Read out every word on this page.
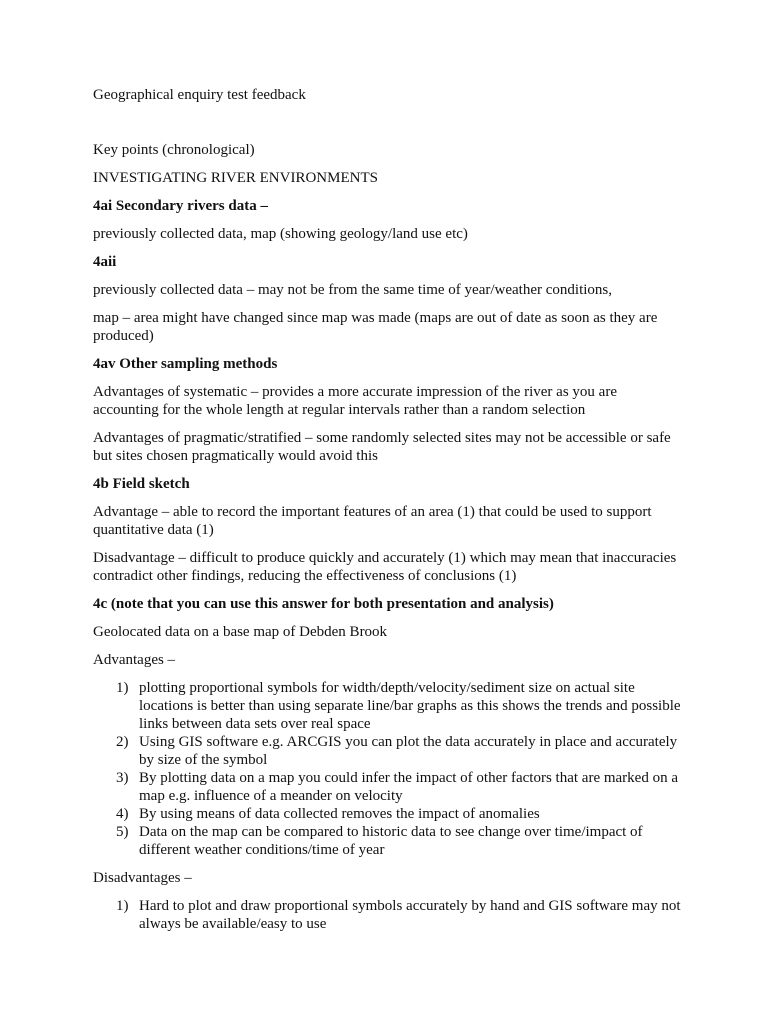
Geographical enquiry test feedback

Key points (chronological)

INVESTIGATING RIVER ENVIRONMENTS

4ai Secondary rivers data –

previously collected data, map (showing geology/land use etc)

4aii

previously collected data – may not be from the same time of year/weather conditions,

map – area might have changed since map was made (maps are out of date as soon as they are produced)

4av Other sampling methods

Advantages of systematic – provides a more accurate impression of the river as you are accounting for the whole length at regular intervals rather than a random selection

Advantages of pragmatic/stratified – some randomly selected sites may not be accessible or safe but sites chosen pragmatically would avoid this

4b Field sketch

Advantage – able to record the important features of an area (1) that could be used to support quantitative data (1)

Disadvantage – difficult to produce quickly and accurately (1) which may mean that inaccuracies contradict other findings, reducing the effectiveness of conclusions (1)

4c (note that you can use this answer for both presentation and analysis)

Geolocated data on a base map of Debden Brook

Advantages –

1) plotting proportional symbols for width/depth/velocity/sediment size on actual site locations is better than using separate line/bar graphs as this shows the trends and possible links between data sets over real space
2) Using GIS software e.g. ARCGIS you can plot the data accurately in place and accurately by size of the symbol
3) By plotting data on a map you could infer the impact of other factors that are marked on a map e.g. influence of a meander on velocity
4) By using means of data collected removes the impact of anomalies
5) Data on the map can be compared to historic data to see change over time/impact of different weather conditions/time of year

Disadvantages –

1) Hard to plot and draw proportional symbols accurately by hand and GIS software may not always be available/easy to use
